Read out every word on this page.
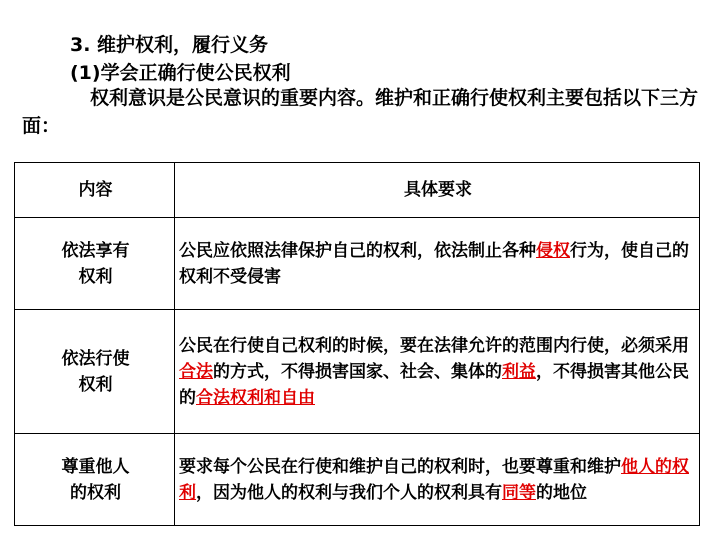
3. 维护权利，履行义务
(1)学会正确行使公民权利
权利意识是公民意识的重要内容。维护和正确行使权利主要包括以下三方面：
内容	具体要求
依法享有权利	公民应依照法律保护自己的权利，依法制止各种侵权行为，使自己的权利不受侵害
依法行使权利	公民在行使自己权利的时候，要在法律允许的范围内行使，必须采用合法的方式，不得损害国家、社会、集体的利益，不得损害其他公民的合法权利和自由
尊重他人的权利	要求每个公民在行使和维护自己的权利时，也要尊重和维护他人的权利，因为他人的权利与我们个人的权利具有同等的地位
